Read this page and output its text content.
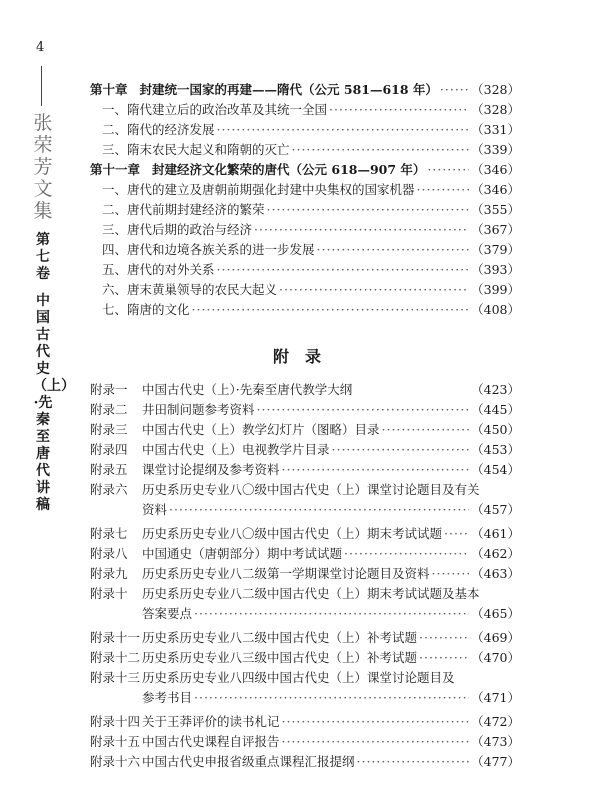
4
张荣芳文集
第七卷
中国古代史（上）·先秦至唐代讲稿
第十章 封建统一国家的再建——隋代（公元 581—618 年） ·····	（328）
一、隋代建立后的政治改革及其统一全国 ·····	（328）
二、隋代的经济发展 ·····	（331）
三、隋末农民大起义和隋朝的灭亡 ·····	（339）
第十一章 封建经济文化繁荣的唐代（公元 618—907 年） ·····	（346）
一、唐代的建立及唐朝前期强化封建中央集权的国家机器 ·····	（346）
二、唐代前期封建经济的繁荣 ·····	（355）
三、唐代后期的政治与经济 ·····	（367）
四、唐代和边境各族关系的进一步发展 ·····	（379）
五、唐代的对外关系 ·····	（393）
六、唐末黄巢领导的农民大起义 ·····	（399）
七、隋唐的文化 ·····	（408）
附录
附录一	中国古代史（上）·先秦至唐代教学大纲	（423）
附录二	井田制问题参考资料 ·····	（445）
附录三	中国古代史（上）教学幻灯片（图略）目录 ·····	（450）
附录四	中国古代史（上）电视教学片目录 ·····	（453）
附录五	课堂讨论提纲及参考资料 ·····	（454）
附录六	历史系历史专业八〇级中国古代史（上）课堂讨论题目及有关
资料 ·····	（457）
附录七	历史系历史专业八〇级中国古代史（上）期末考试试题 ····· （461）
附录八	中国通史（唐朝部分）期中考试试题 ·····	（462）
附录九	历史系历史专业八二级第一学期课堂讨论题目及资料 ·····	（463）
附录十	历史系历史专业八二级中国古代史（上）期末考试试题及基本
答案要点 ·····	（465）
附录十一 历史系历史专业八二级中国古代史（上）补考试题 ·····	（469）
附录十二 历史系历史专业八三级中国古代史（上）补考试题 ·····	（470）
附录十三 历史系历史专业八四级中国古代史（上）课堂讨论题目及
参考书目 ·····	（471）
附录十四 关于王莽评价的读书札记 ·····	（472）
附录十五 中国古代史课程自评报告 ·····	（473）
附录十六 中国古代史申报省级重点课程汇报提纲 ·····	（477）
